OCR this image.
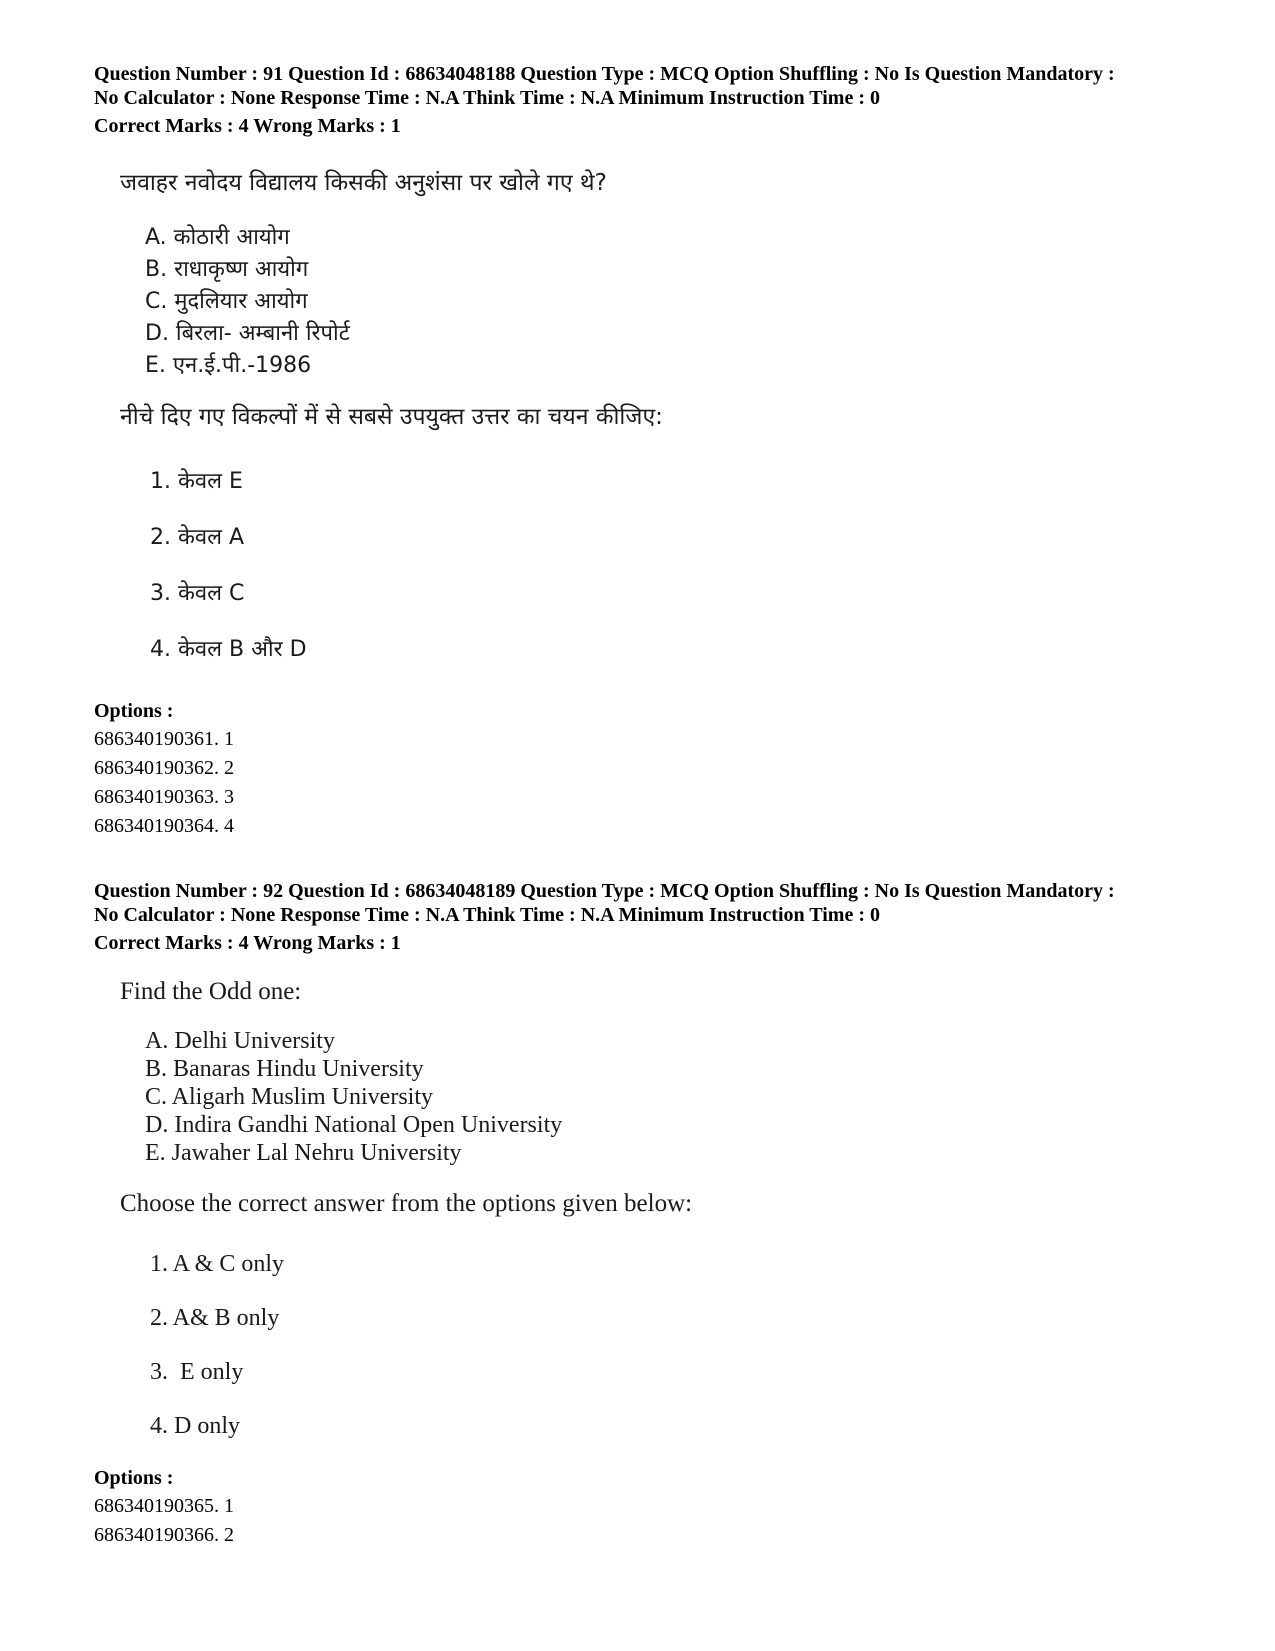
Question Number : 91 Question Id : 68634048188 Question Type : MCQ Option Shuffling : No Is Question Mandatory :
No Calculator : None Response Time : N.A Think Time : N.A Minimum Instruction Time : 0
Correct Marks : 4 Wrong Marks : 1
जवाहर नवोदय विद्यालय किसकी अनुशंसा पर खोले गए थे?
A. कोठारी आयोग
B. राधाकृष्ण आयोग
C. मुदलियार आयोग
D. बिरला- अम्बानी रिपोर्ट
E. एन.ई.पी.-1986
नीचे दिए गए विकल्पों में से सबसे उपयुक्त उत्तर का चयन कीजिए:
1. केवल E
2. केवल A
3. केवल C
4. केवल B और D
Options :
686340190361. 1
686340190362. 2
686340190363. 3
686340190364. 4
Question Number : 92 Question Id : 68634048189 Question Type : MCQ Option Shuffling : No Is Question Mandatory :
No Calculator : None Response Time : N.A Think Time : N.A Minimum Instruction Time : 0
Correct Marks : 4 Wrong Marks : 1
Find the Odd one:
A. Delhi University
B. Banaras Hindu University
C. Aligarh Muslim University
D. Indira Gandhi National Open University
E. Jawaher Lal Nehru University
Choose the correct answer from the options given below:
1. A & C only
2. A& B only
3.  E only
4. D only
Options :
686340190365. 1
686340190366. 2
